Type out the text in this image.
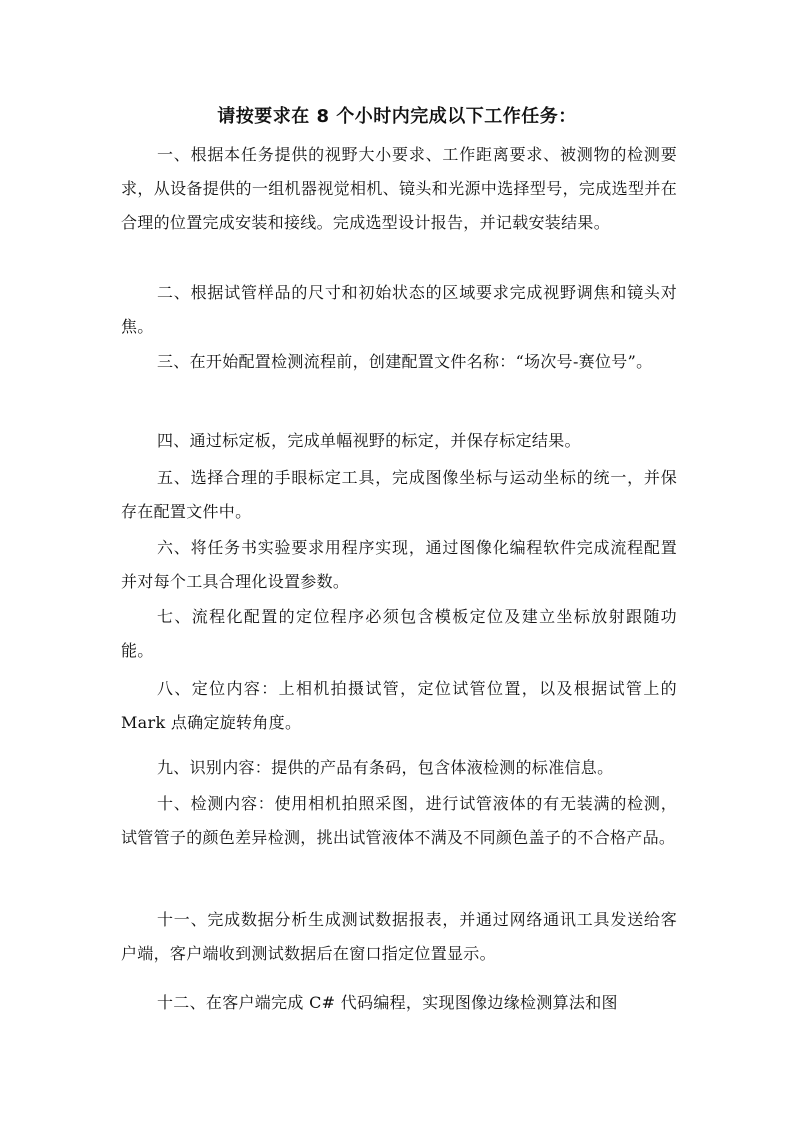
请按要求在 8 个小时内完成以下工作任务：
一、根据本任务提供的视野大小要求、工作距离要求、被测物的检测要求，从设备提供的一组机器视觉相机、镜头和光源中选择型号，完成选型并在合理的位置完成安装和接线。完成选型设计报告，并记载安装结果。
二、根据试管样品的尺寸和初始状态的区域要求完成视野调焦和镜头对焦。
三、在开始配置检测流程前，创建配置文件名称：“场次号-赛位号”。
四、通过标定板，完成单幅视野的标定，并保存标定结果。
五、选择合理的手眼标定工具，完成图像坐标与运动坐标的统一，并保存在配置文件中。
六、将任务书实验要求用程序实现，通过图像化编程软件完成流程配置并对每个工具合理化设置参数。
七、流程化配置的定位程序必须包含模板定位及建立坐标放射跟随功能。
八、定位内容：上相机拍摄试管，定位试管位置，以及根据试管上的 Mark 点确定旋转角度。
九、识别内容：提供的产品有条码，包含体液检测的标准信息。
十、检测内容：使用相机拍照采图，进行试管液体的有无装满的检测，试管管子的颜色差异检测，挑出试管液体不满及不同颜色盖子的不合格产品。
十一、完成数据分析生成测试数据报表，并通过网络通讯工具发送给客户端，客户端收到测试数据后在窗口指定位置显示。
十二、在客户端完成 C# 代码编程，实现图像边缘检测算法和图
